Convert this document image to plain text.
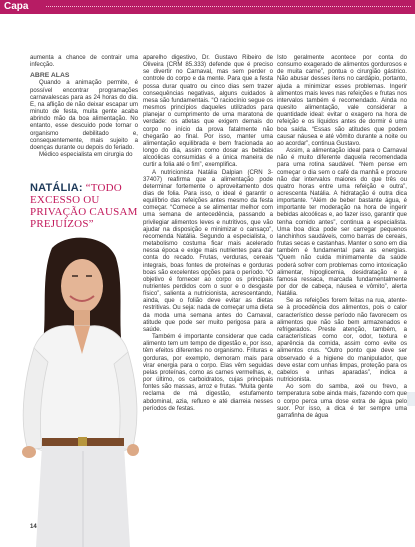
Capa

aumenta a chance de contrair uma infecção.

ABRE ALAS

Quando a animação permite, é possível encontrar programações carnavalescas para as 24 horas do dia. E, na aflição de não deixar escapar um minuto de festa, muita gente acaba abrindo mão da boa alimentação. No entanto, esse descuido pode tornar o organismo debilitado e, consequentemente, mais sujeito a doenças durante ou depois do feriado.

Médico especialista em cirurgia do

NATÁLIA: “TODO EXCESSO OU PRIVAÇÃO CAUSAM PREJUÍZOS”

aparelho digestivo, Dr. Gustavo Ribeiro de Oliveira (CRM 85.333) defende que é preciso se divertir no Carnaval, mas sem perder o controle do corpo e da mente. Para que a festa possa durar quatro ou cinco dias sem trazer consequências negativas, alguns cuidados à mesa são fundamentais. “O raciocínio segue os mesmos princípios daqueles utilizados para planejar o cumprimento de uma maratona de verdade: os atletas que exigem demais do corpo no início da prova fatalmente não chegarão ao final. Por isso, manter uma alimentação equilibrada e bem fracionada ao longo do dia, assim como dosar as bebidas alcoólicas consumidas é a única maneira de curtir a folia até o fim”, exemplifica.

A nutricionista Natália Dalpian (CRN 3-37407) reafirma que a alimentação pode determinar fortemente o aproveitamento dos dias de folia. Para isso, o ideal é garantir o equilíbrio das refeições antes mesmo da festa começar. “Comece a se alimentar melhor com uma semana de antecedência, passando a privilegiar alimentos leves e nutritivos, que vão ajudar na disposição e minimizar o cansaço”, recomenda Natália. Segundo a especialista, o metabolismo costuma ficar mais acelerado nessa época e exige mais nutrientes para dar conta do recado. Frutas, verduras, cereais integrais, boas fontes de proteínas e gorduras boas são excelentes opções para o período. “O objetivo é fornecer ao corpo os principais nutrientes perdidos com o suor e o desgaste físico”, salienta a nutricionista, acrescentando, ainda, que o folião deve evitar as dietas restritivas. Ou seja: nada de começar uma dieta da moda uma semana antes do Carnaval, atitude que pode ser muito perigosa para a saúde.

Também é importante considerar que cada alimento tem um tempo de digestão e, por isso, têm efeitos diferentes no organismo. Frituras e gorduras, por exemplo, demoram mais para virar energia para o corpo. Elas vêm seguidas pelas proteínas, como as carnes vermelhas, e, por último, os carboidratos, cujas principais fontes são massas, arroz e frutas. “Muita gente reclama de má digestão, estufamento abdominal, azia, refluxo e até diarreia nesses períodos de festas.

Isto geralmente acontece por conta do consumo exagerado de alimentos gordurosos e de muita carne”, pontua o cirurgião gástrico. Não abusar desses itens no cardápio, portanto, ajuda a minimizar esses problemas. Ingerir alimentos mais leves nas refeições e frutas nos intervalos também é recomendado. Ainda no quesito alimentação, vale considerar a quantidade ideal: evitar o exagero na hora de refeição e os líquidos antes de dormir é uma boa saída. “Essas são atitudes que podem causar náusea e até vômito durante a noite ou ao acordar”, continua Gustavo.

Assim, a alimentação ideal para o Carnaval não é muito diferente daquela recomendada para uma rotina saudável. “Nem pense em começar o dia sem o café da manhã e procure não dar intervalos maiores do que três ou quatro horas entre uma refeição e outra”, acrescenta Natália. A hidratação é outra dica importante. “Além de beber bastante água, é importante ter moderação na hora de ingerir bebidas alcoólicas e, ao fazer isso, garantir que tenha comido antes”, continua a especialista. Uma boa dica pode ser carregar pequenos lanchinhos saudáveis, como barras de cereais, frutas secas e castanhas. Manter o sono em dia também é fundamental para as energias. “Quem não cuida minimamente da saúde poderá sofrer com problemas como intoxicação alimentar, hipoglicemia, desidratação e a famosa ressaca, marcada fundamentalmente por dor de cabeça, náusea e vômito”, alerta Natália.

Se as refeições forem feitas na rua, atente-se à procedência dos alimentos, pois o calor característico desse período não favorecem os alimentos que não são bem armazenados e refrigerados. Preste atenção, também, a características como cor, odor, textura e aparência da comida, assim como evite os alimentos crus. “Outro ponto que deve ser observado é a higiene do manipulador, que deve estar com unhas limpas, proteção para os cabelos e unhas aparadas”, indica a nutricionista.

Ao som do samba, axé ou frevo, a temperatura sobe ainda mais, fazendo com que o corpo perca uma dose extra de água pelo suor. Por isso, a dica é ter sempre uma garrafinha de água

14
